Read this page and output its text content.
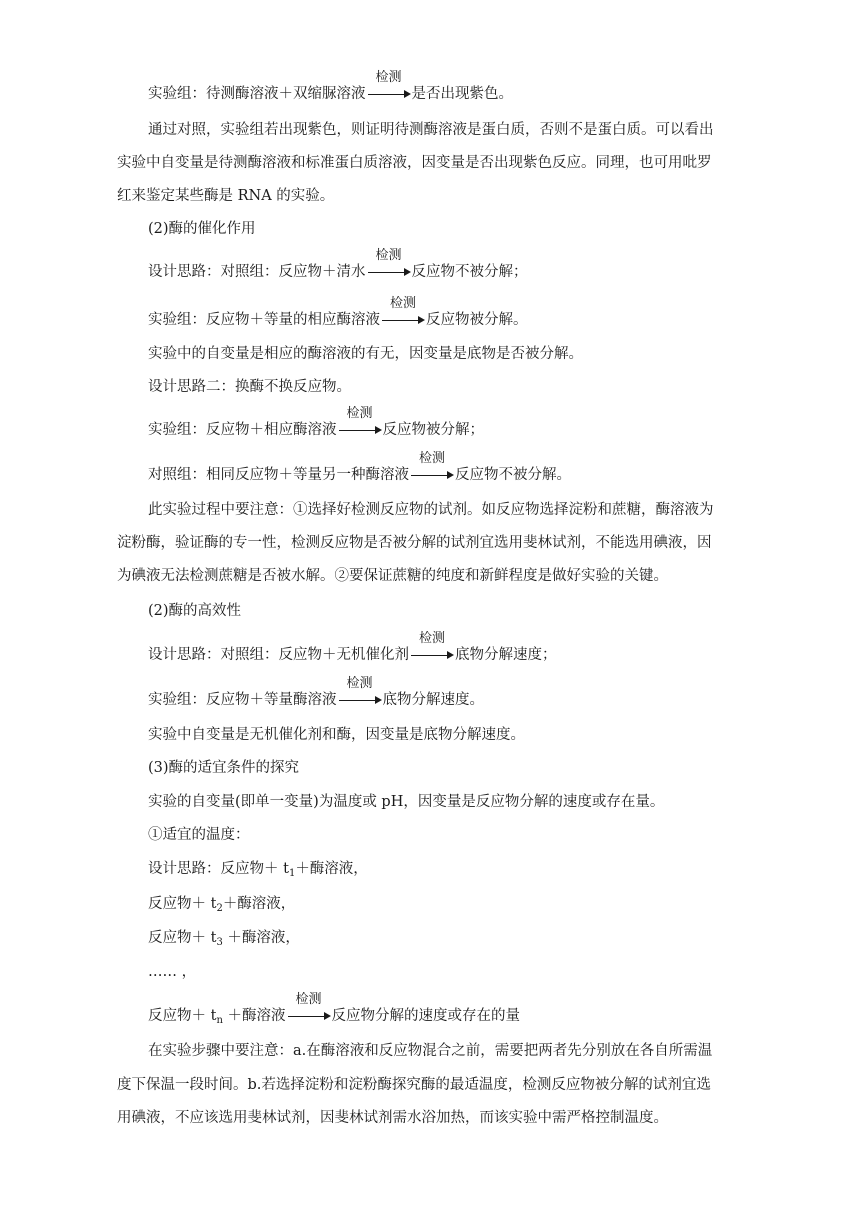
实验组：待测酶溶液＋双缩脲溶液
检测
是否出现紫色。
通过对照，实验组若出现紫色，则证明待测酶溶液是蛋白质，否则不是蛋白质。可以看出
实验中自变量是待测酶溶液和标准蛋白质溶液，因变量是否出现紫色反应。同理，也可用吡罗
红来鉴定某些酶是 RNA 的实验。
(2)酶的催化作用
设计思路：对照组：反应物＋清水
检测
反应物不被分解；
实验组：反应物＋等量的相应酶溶液
检测
反应物被分解。
实验中的自变量是相应的酶溶液的有无，因变量是底物是否被分解。
设计思路二：换酶不换反应物。
实验组：反应物＋相应酶溶液
检测
反应物被分解；
对照组：相同反应物＋等量另一种酶溶液
检测
反应物不被分解。
此实验过程中要注意：①选择好检测反应物的试剂。如反应物选择淀粉和蔗糖，酶溶液为
淀粉酶，验证酶的专一性，检测反应物是否被分解的试剂宜选用斐林试剂，不能选用碘液，因
为碘液无法检测蔗糖是否被水解。②要保证蔗糖的纯度和新鲜程度是做好实验的关键。
(2)酶的高效性
设计思路：对照组：反应物＋无机催化剂
检测
底物分解速度；
实验组：反应物＋等量酶溶液
检测
底物分解速度。
实验中自变量是无机催化剂和酶，因变量是底物分解速度。
(3)酶的适宜条件的探究
实验的自变量(即单一变量)为温度或 pH，因变量是反应物分解的速度或存在量。
①适宜的温度：
设计思路：反应物＋ $t_1+$酶溶液，
反应物＋ $t_2+$酶溶液，
反应物＋ $t_3$ ＋酶溶液，
…… ，
反应物＋ $t_n$ ＋酶溶液
检测
反应物分解的速度或存在的量
在实验步骤中要注意：a.在酶溶液和反应物混合之前，需要把两者先分别放在各自所需温
度下保温一段时间。b.若选择淀粉和淀粉酶探究酶的最适温度，检测反应物被分解的试剂宜选
用碘液，不应该选用斐林试剂，因斐林试剂需水浴加热，而该实验中需严格控制温度。
